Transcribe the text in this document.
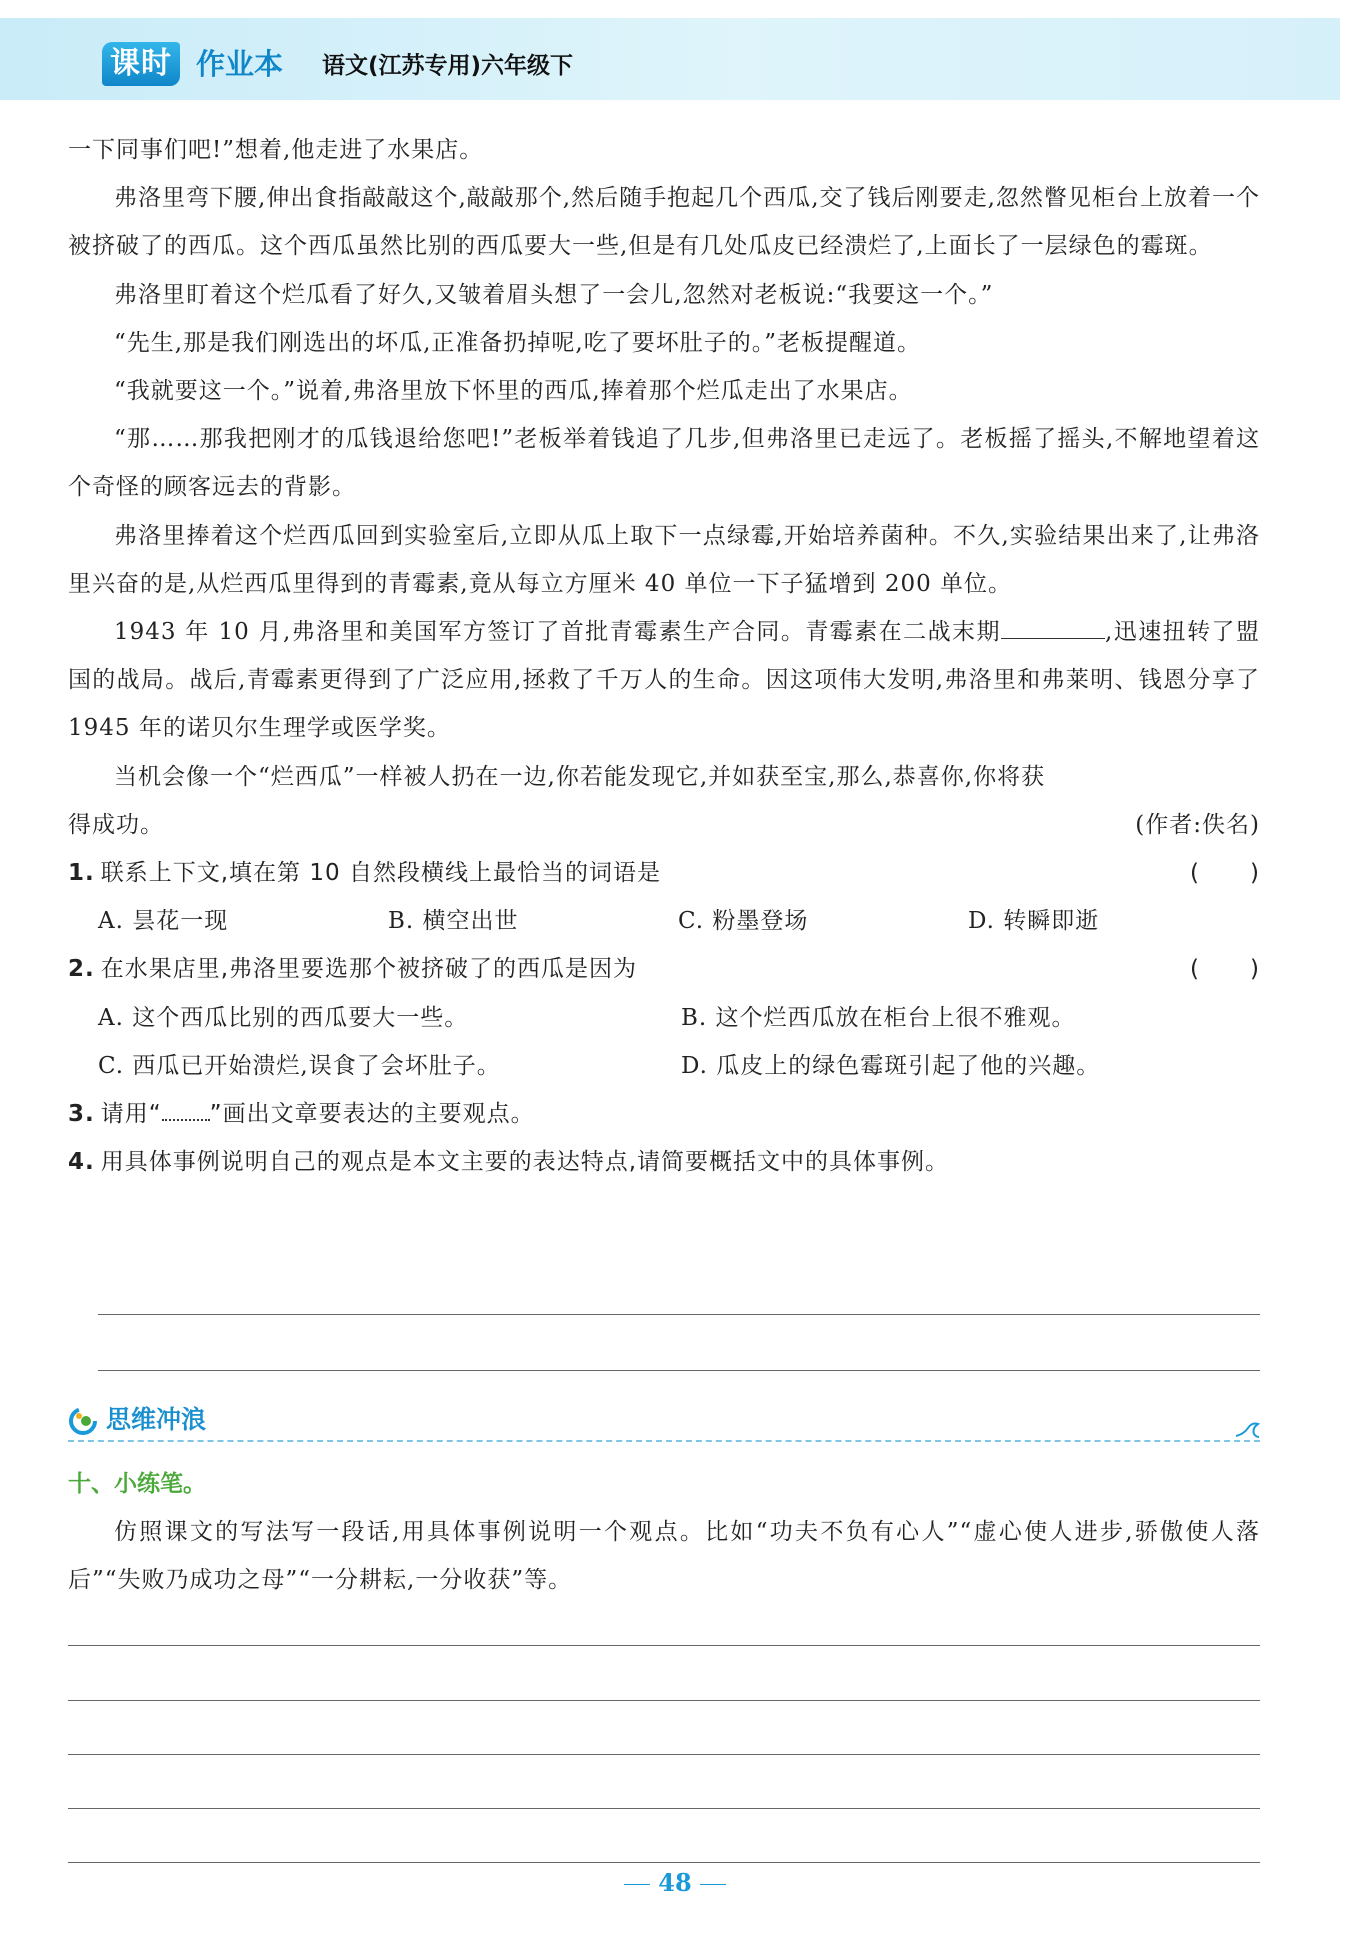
课时 作业本 语文(江苏专用)六年级下

一下同事们吧!”想着,他走进了水果店。

弗洛里弯下腰,伸出食指敲敲这个,敲敲那个,然后随手抱起几个西瓜,交了钱后刚要走,忽然瞥见柜台上放着一个被挤破了的西瓜。这个西瓜虽然比别的西瓜要大一些,但是有几处瓜皮已经溃烂了,上面长了一层绿色的霉斑。

弗洛里盯着这个烂瓜看了好久,又皱着眉头想了一会儿,忽然对老板说:“我要这一个。”

“先生,那是我们刚选出的坏瓜,正准备扔掉呢,吃了要坏肚子的。”老板提醒道。

“我就要这一个。”说着,弗洛里放下怀里的西瓜,捧着那个烂瓜走出了水果店。

“那……那我把刚才的瓜钱退给您吧!”老板举着钱追了几步,但弗洛里已走远了。老板摇了摇头,不解地望着这个奇怪的顾客远去的背影。

弗洛里捧着这个烂西瓜回到实验室后,立即从瓜上取下一点绿霉,开始培养菌种。不久,实验结果出来了,让弗洛里兴奋的是,从烂西瓜里得到的青霉素,竟从每立方厘米 40 单位一下子猛增到 200 单位。

1943 年 10 月,弗洛里和美国军方签订了首批青霉素生产合同。青霉素在二战末期	,迅速扭转了盟国的战局。战后,青霉素更得到了广泛应用,拯救了千万人的生命。因这项伟大发明,弗洛里和弗莱明、钱恩分享了 1945 年的诺贝尔生理学或医学奖。

当机会像一个“烂西瓜”一样被人扔在一边,你若能发现它,并如获至宝,那么,恭喜你,你将获

得成功。	(作者:佚名)

1. 联系上下文,填在第 10 自然段横线上最恰当的词语是	( )
A. 昙花一现	B. 横空出世	C. 粉墨登场	D. 转瞬即逝
2. 在水果店里,弗洛里要选那个被挤破了的西瓜是因为	( )
A. 这个西瓜比别的西瓜要大一些。	B. 这个烂西瓜放在柜台上很不雅观。
C. 西瓜已开始溃烂,误食了会坏肚子。	D. 瓜皮上的绿色霉斑引起了他的兴趣。
3. 请用“ ”画出文章要表达的主要观点。
4. 用具体事例说明自己的观点是本文主要的表达特点,请简要概括文中的具体事例。
思维冲浪
十、小练笔。
仿照课文的写法写一段话,用具体事例说明一个观点。比如“功夫不负有心人”“虚心使人进步,骄傲使人落后”“失败乃成功之母”“一分耕耘,一分收获”等。
48
